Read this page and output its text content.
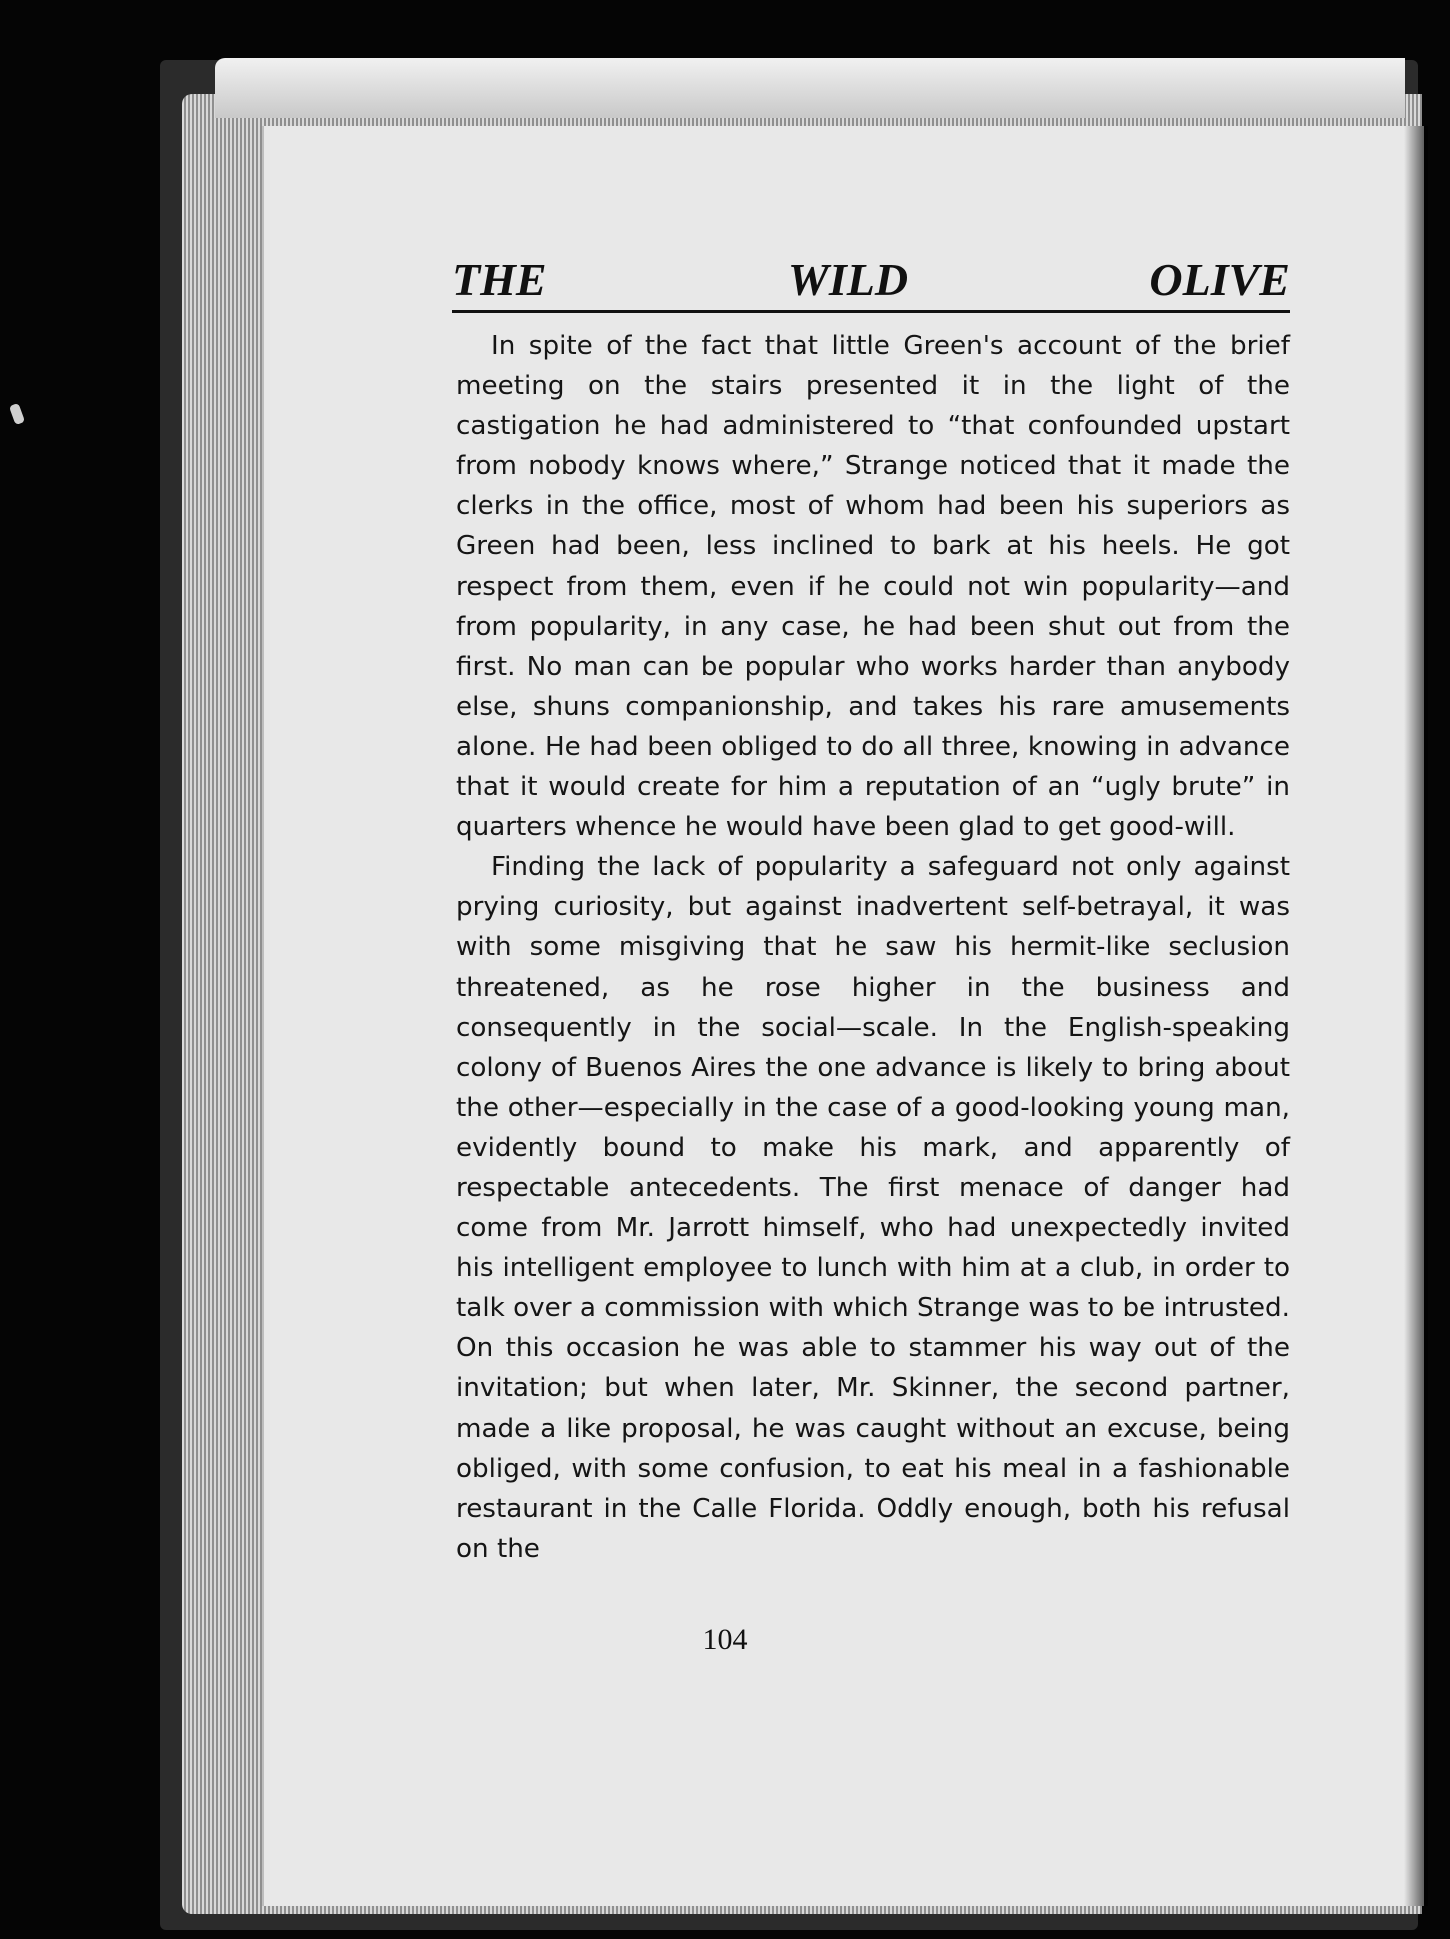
THE	WILD	OLIVE

In spite of the fact that little Green's account of the brief meeting on the stairs presented it in the light of the castigation he had administered to “that confounded upstart from nobody knows where,” Strange noticed that it made the clerks in the office, most of whom had been his superiors as Green had been, less inclined to bark at his heels. He got respect from them, even if he could not win popularity—and from popularity, in any case, he had been shut out from the first. No man can be popular who works harder than anybody else, shuns companionship, and takes his rare amusements alone. He had been obliged to do all three, knowing in advance that it would create for him a reputation of an “ugly brute” in quarters whence he would have been glad to get good-will.

Finding the lack of popularity a safeguard not only against prying curiosity, but against inadvertent self-betrayal, it was with some misgiving that he saw his hermit-like seclusion threatened, as he rose higher in the business and consequently in the social—scale. In the English-speaking colony of Buenos Aires the one advance is likely to bring about the other—especially in the case of a good-looking young man, evidently bound to make his mark, and apparently of respectable antecedents. The first menace of danger had come from Mr. Jarrott himself, who had unexpectedly invited his intelligent employee to lunch with him at a club, in order to talk over a commission with which Strange was to be intrusted. On this occasion he was able to stammer his way out of the invitation; but when later, Mr. Skinner, the second partner, made a like proposal, he was caught without an excuse, being obliged, with some confusion, to eat his meal in a fashionable restaurant in the Calle Florida. Oddly enough, both his refusal on the

104
